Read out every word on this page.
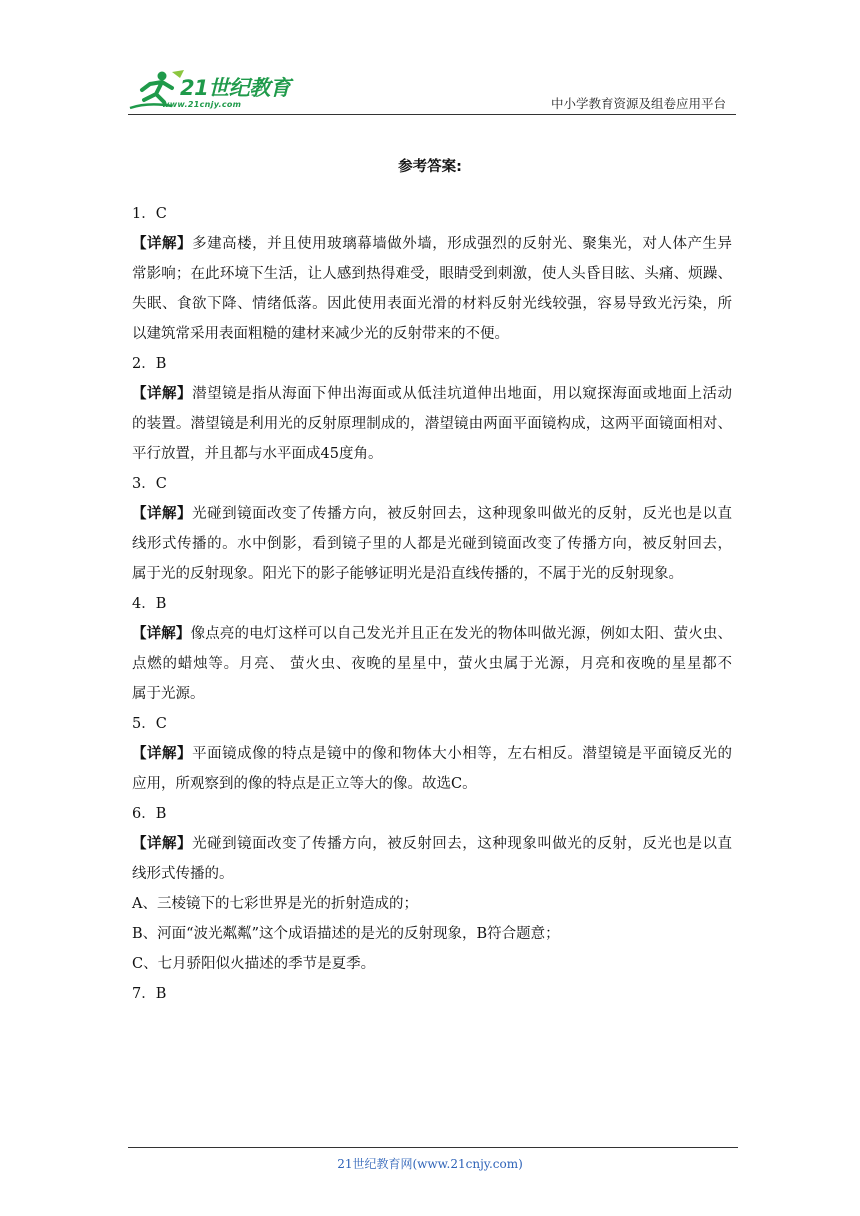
21世纪教育
www.21cnjy.com	中小学教育资源及组卷应用平台
参考答案:
1．C
【详解】多建高楼，并且使用玻璃幕墙做外墙，形成强烈的反射光、聚集光，对人体产生异
常影响；在此环境下生活，让人感到热得难受，眼睛受到刺激，使人头昏目眩、头痛、烦躁、
失眠、食欲下降、情绪低落。因此使用表面光滑的材料反射光线较强，容易导致光污染，所
以建筑常采用表面粗糙的建材来减少光的反射带来的不便。
2．B
【详解】潜望镜是指从海面下伸出海面或从低洼坑道伸出地面，用以窥探海面或地面上活动
的装置。潜望镜是利用光的反射原理制成的，潜望镜由两面平面镜构成，这两平面镜面相对、
平行放置，并且都与水平面成45度角。
3．C
【详解】光碰到镜面改变了传播方向，被反射回去，这种现象叫做光的反射，反光也是以直
线形式传播的。水中倒影，看到镜子里的人都是光碰到镜面改变了传播方向，被反射回去，
属于光的反射现象。阳光下的影子能够证明光是沿直线传播的，不属于光的反射现象。
4．B
【详解】像点亮的电灯这样可以自己发光并且正在发光的物体叫做光源，例如太阳、萤火虫、
点燃的蜡烛等。月亮、 萤火虫、夜晚的星星中，萤火虫属于光源，月亮和夜晚的星星都不
属于光源。
5．C
【详解】平面镜成像的特点是镜中的像和物体大小相等，左右相反。潜望镜是平面镜反光的
应用，所观察到的像的特点是正立等大的像。故选C。
6．B
【详解】光碰到镜面改变了传播方向，被反射回去，这种现象叫做光的反射，反光也是以直
线形式传播的。
A、三棱镜下的七彩世界是光的折射造成的；
B、河面“波光粼粼”这个成语描述的是光的反射现象，B符合题意；
C、七月骄阳似火描述的季节是夏季。
7．B
21世纪教育网(www.21cnjy.com)
